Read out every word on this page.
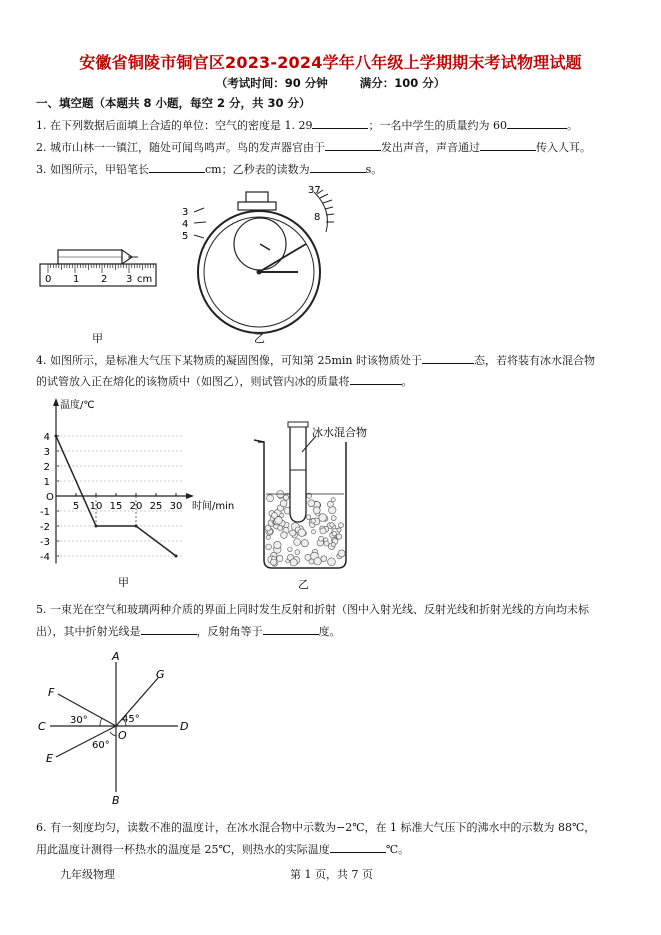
安徽省铜陵市铜官区2023-2024学年八年级上学期期末考试物理试题
（考试时间：90 分钟	满分：100 分）
一、填空题（本题共 8 小题，每空 2 分，共 30 分）
1. 在下列数据后面填上合适的单位：空气的密度是 1. 29	；一名中学生的质量约为 60	。
2. 城市山林一一镇江，随处可闻鸟鸣声。鸟的发声器官由于	发出声音，声音通过	传入人耳。
3. 如图所示，甲铅笔长	cm；乙秒表的读数为	s。
0 1 2 3 cm
甲
3
4
5
37
8
乙
4. 如图所示，是标准大气压下某物质的凝固图像，可知第 25min 时该物质处于	态，若将装有冰水混合物
的试管放入正在熔化的该物质中（如图乙），则试管内冰的质量将	。
O
5 10 15 20 25 30
4
3
2
1
-1
-2
-3
-4
温度/℃
时间/min
甲
冰水混合物
乙
5. 一束光在空气和玻璃两种介质的界面上同时发生反射和折射（图中入射光线、反射光线和折射光线的方向均未标
出），其中折射光线是	，反射角等于	度。
A
B
C	D
E
F
G
O
30°	45°
60°
6. 有一刻度均匀，读数不准的温度计，在冰水混合物中示数为−2℃，在 1 标准大气压下的沸水中的示数为 88℃，
用此温度计测得一杯热水的温度是 25℃，则热水的实际温度	℃。
九年级物理	第 1 页，共 7 页
